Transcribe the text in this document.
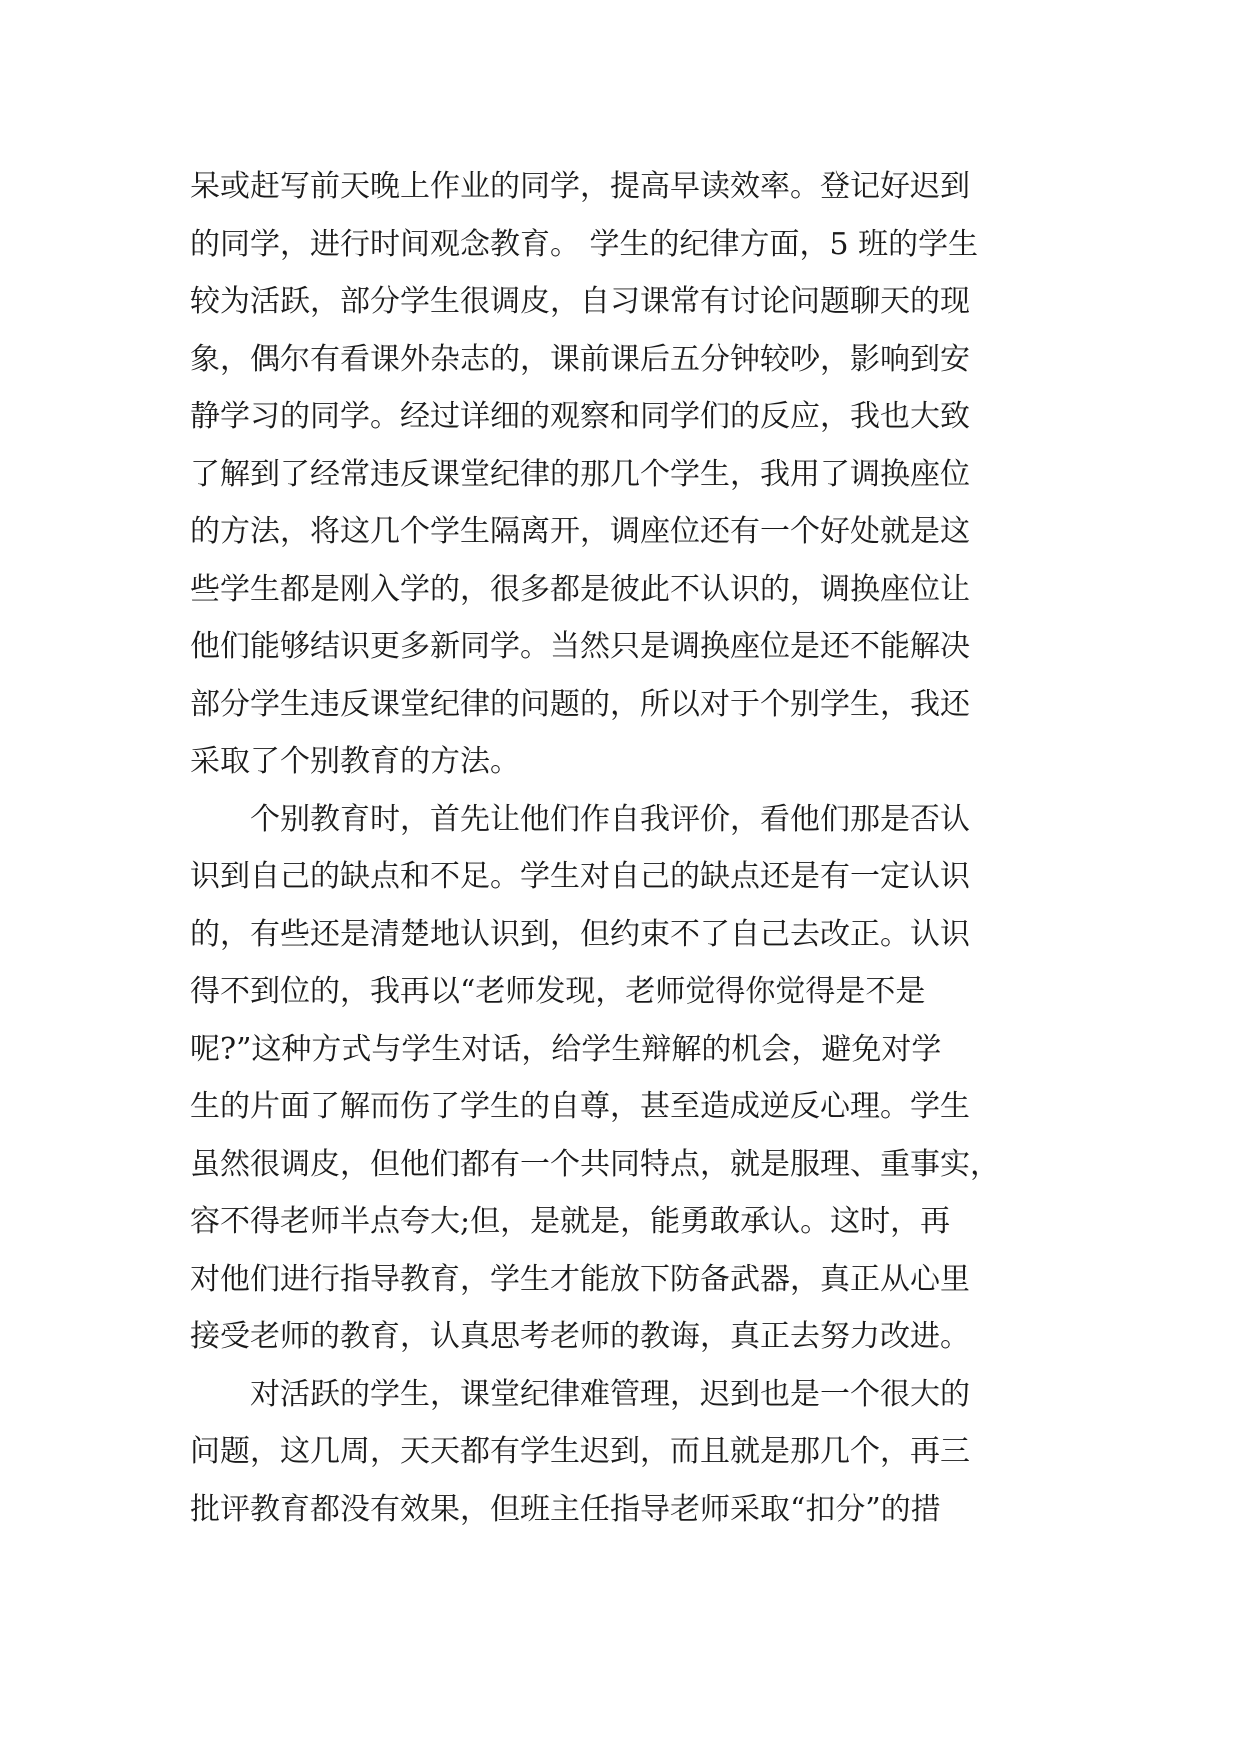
呆或赶写前天晚上作业的同学，提高早读效率。登记好迟到
的同学，进行时间观念教育。 学生的纪律方面，5 班的学生
较为活跃，部分学生很调皮，自习课常有讨论问题聊天的现
象，偶尔有看课外杂志的，课前课后五分钟较吵，影响到安
静学习的同学。经过详细的观察和同学们的反应，我也大致
了解到了经常违反课堂纪律的那几个学生，我用了调换座位
的方法，将这几个学生隔离开，调座位还有一个好处就是这
些学生都是刚入学的，很多都是彼此不认识的，调换座位让
他们能够结识更多新同学。当然只是调换座位是还不能解决
部分学生违反课堂纪律的问题的，所以对于个别学生，我还
采取了个别教育的方法。
个别教育时，首先让他们作自我评价，看他们那是否认
识到自己的缺点和不足。学生对自己的缺点还是有一定认识
的，有些还是清楚地认识到，但约束不了自己去改正。认识
得不到位的，我再以“老师发现，老师觉得你觉得是不是
呢?”这种方式与学生对话，给学生辩解的机会，避免对学
生的片面了解而伤了学生的自尊，甚至造成逆反心理。学生
虽然很调皮，但他们都有一个共同特点，就是服理、重事实，
容不得老师半点夸大;但，是就是，能勇敢承认。这时，再
对他们进行指导教育，学生才能放下防备武器，真正从心里
接受老师的教育，认真思考老师的教诲，真正去努力改进。
对活跃的学生，课堂纪律难管理，迟到也是一个很大的
问题，这几周，天天都有学生迟到，而且就是那几个，再三
批评教育都没有效果，但班主任指导老师采取“扣分”的措
